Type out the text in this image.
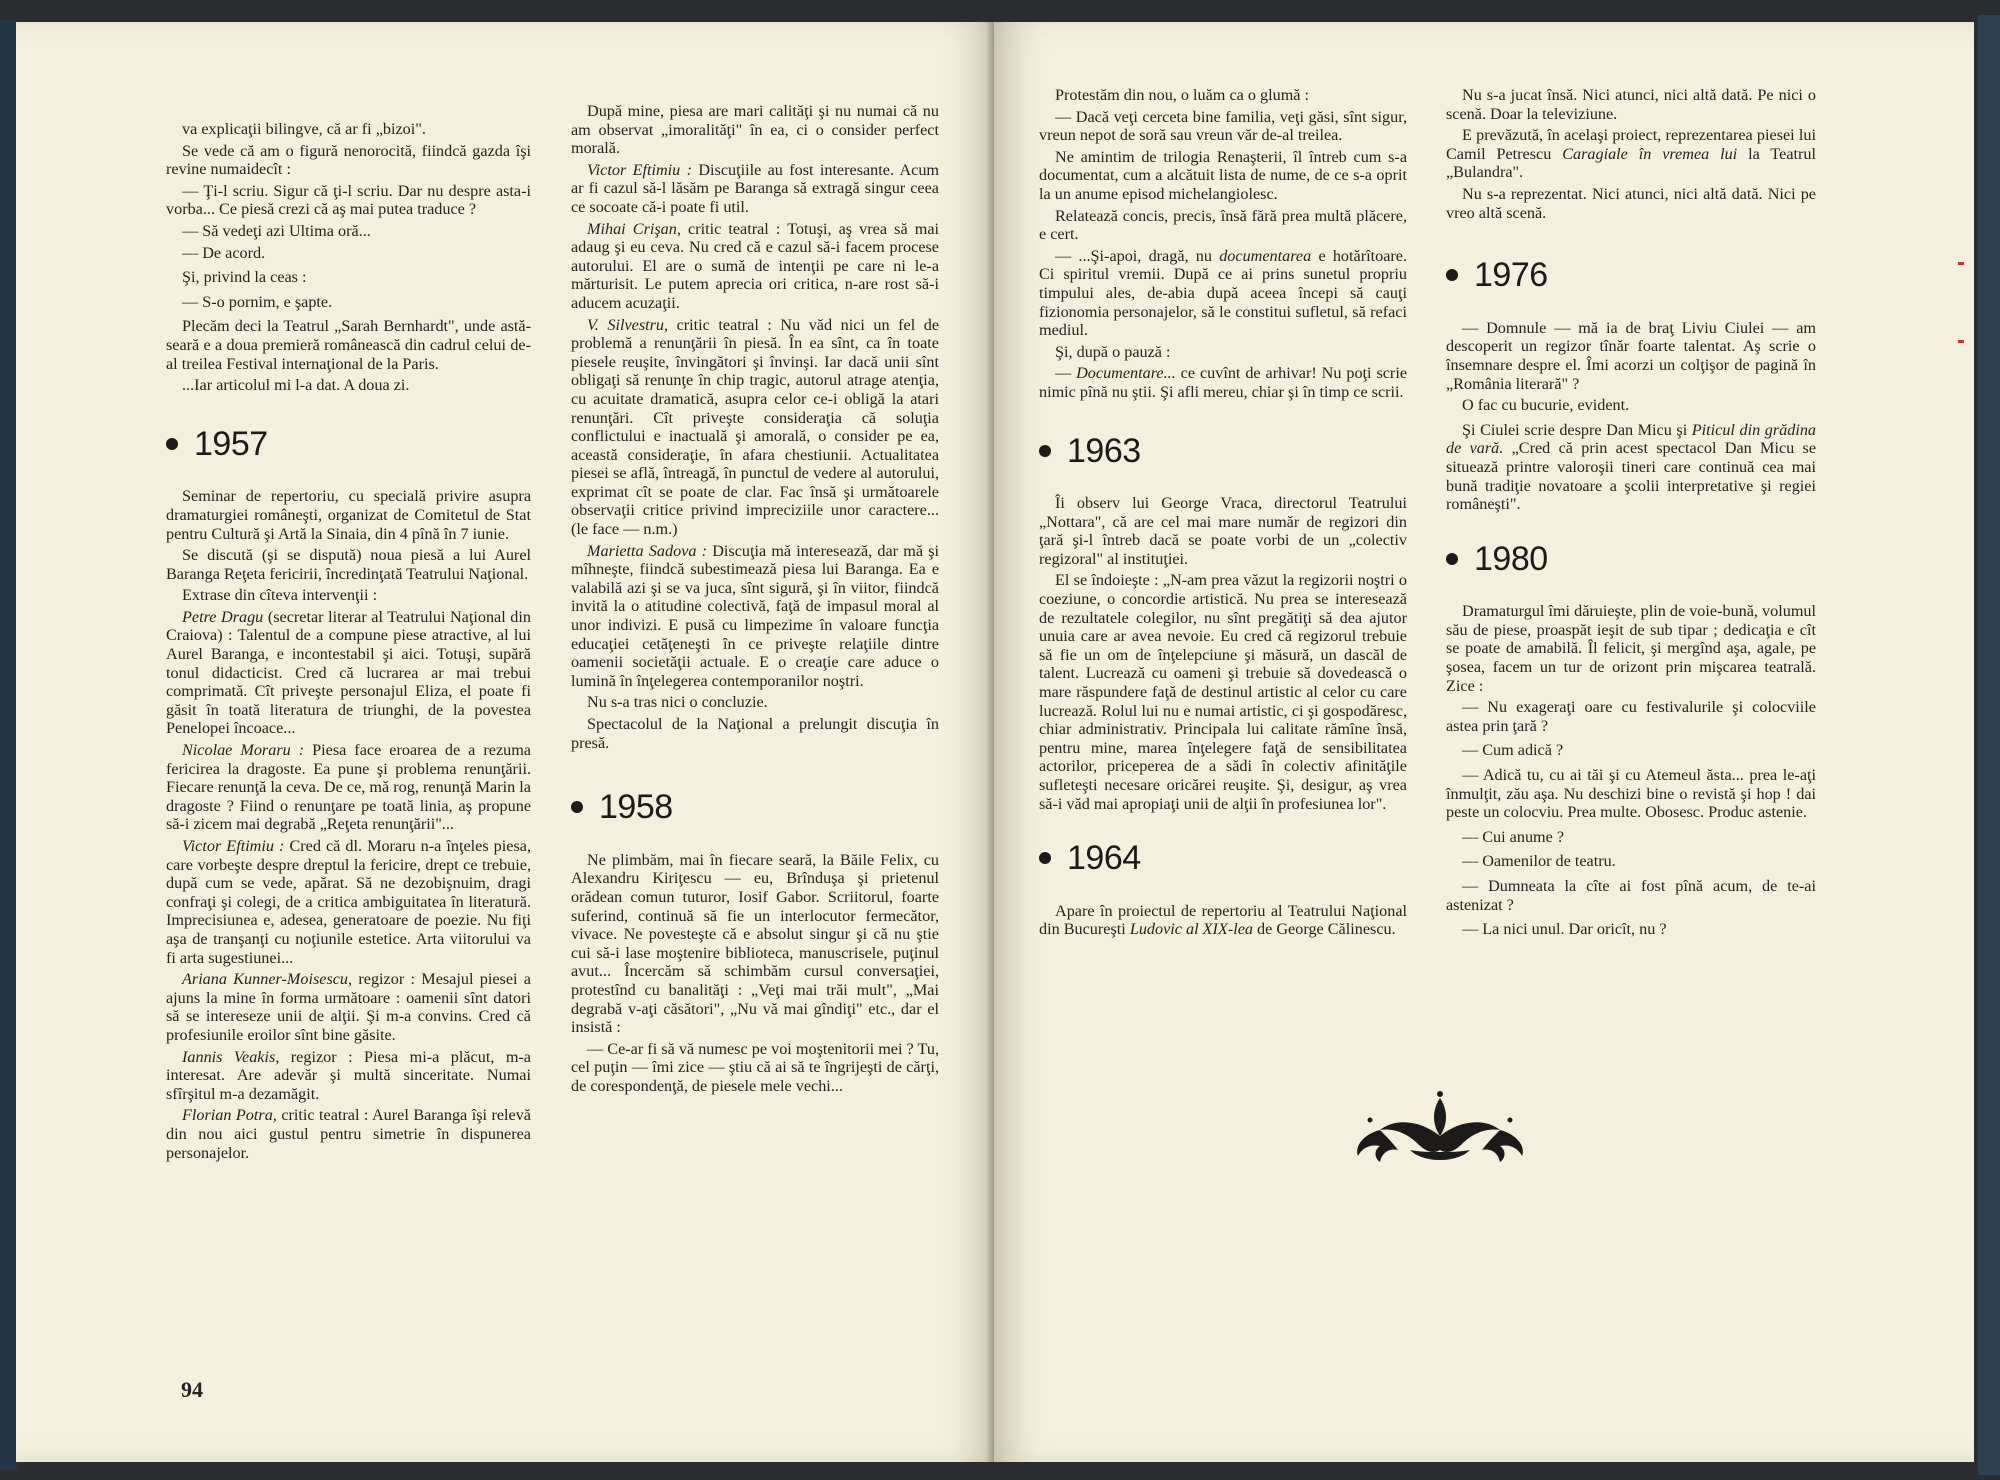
va explicaţii bilingve, că ar fi „bizoi".

Se vede că am o figură nenorocită, fiindcă gazda îşi revine numaidecît :

— Ţi-l scriu. Sigur că ţi-l scriu. Dar nu despre asta-i vorba... Ce piesă crezi că aş mai putea traduce ?

— Să vedeţi azi Ultima oră...

— De acord.

Şi, privind la ceas :

— S-o pornim, e şapte.

Plecăm deci la Teatrul „Sarah Bernhardt", unde astă-seară e a doua premieră românească din cadrul celui de-al treilea Festival internaţional de la Paris.

...Iar articolul mi l-a dat. A doua zi.

1957

Seminar de repertoriu, cu specială privire asupra dramaturgiei româneşti, organizat de Comitetul de Stat pentru Cultură şi Artă la Sinaia, din 4 pînă în 7 iunie.

Se discută (şi se dispută) noua piesă a lui Aurel Baranga Reţeta fericirii, încredinţată Teatrului Naţional.

Extrase din cîteva intervenţii :

Petre Dragu (secretar literar al Teatrului Naţional din Craiova) : Talentul de a compune piese atractive, al lui Aurel Baranga, e incontestabil şi aici. Totuşi, supără tonul didacticist. Cred că lucrarea ar mai trebui comprimată. Cît priveşte personajul Eliza, el poate fi găsit în toată literatura de triunghi, de la povestea Penelopei încoace...

Nicolae Moraru : Piesa face eroarea de a rezuma fericirea la dragoste. Ea pune şi problema renunţării. Fiecare renunţă la ceva. De ce, mă rog, renunţă Marin la dragoste ? Fiind o renunţare pe toată linia, aş propune să-i zicem mai degrabă „Reţeta renunţării"...

Victor Eftimiu : Cred că dl. Moraru n-a înţeles piesa, care vorbeşte despre dreptul la fericire, drept ce trebuie, după cum se vede, apărat. Să ne dezobişnuim, dragi confraţi şi colegi, de a critica ambiguitatea în literatură. Imprecisiunea e, adesea, generatoare de poezie. Nu fiţi aşa de tranşanţi cu noţiunile estetice. Arta viitorului va fi arta sugestiunei...

Ariana Kunner-Moisescu, regizor : Mesajul piesei a ajuns la mine în forma următoare : oamenii sînt datori să se intereseze unii de alţii. Şi m-a convins. Cred că profesiunile eroilor sînt bine găsite.

Iannis Veakis, regizor : Piesa mi-a plăcut, m-a interesat. Are adevăr şi multă sinceritate. Numai sfîrşitul m-a dezamăgit.

Florian Potra, critic teatral : Aurel Baranga îşi relevă din nou aici gustul pentru simetrie în dispunerea personajelor.

După mine, piesa are mari calităţi şi nu numai că nu am observat „imoralităţi" în ea, ci o consider perfect morală.

Victor Eftimiu : Discuţiile au fost interesante. Acum ar fi cazul să-l lăsăm pe Baranga să extragă singur ceea ce socoate că-i poate fi util.

Mihai Crişan, critic teatral : Totuşi, aş vrea să mai adaug şi eu ceva. Nu cred că e cazul să-i facem procese autorului. El are o sumă de intenţii pe care ni le-a mărturisit. Le putem aprecia ori critica, n-are rost să-i aducem acuzaţii.

V. Silvestru, critic teatral : Nu văd nici un fel de problemă a renunţării în piesă. În ea sînt, ca în toate piesele reuşite, învingători şi învinşi. Iar dacă unii sînt obligaţi să renunţe în chip tragic, autorul atrage atenţia, cu acuitate dramatică, asupra celor ce-i obligă la atari renunţări. Cît priveşte consideraţia că soluţia conflictului e inactuală şi amorală, o consider pe ea, această consideraţie, în afara chestiunii. Actualitatea piesei se află, întreagă, în punctul de vedere al autorului, exprimat cît se poate de clar. Fac însă şi următoarele observaţii critice privind impreciziile unor caractere... (le face — n.m.)

Marietta Sadova : Discuţia mă interesează, dar mă şi mîhneşte, fiindcă subestimează piesa lui Baranga. Ea e valabilă azi şi se va juca, sînt sigură, şi în viitor, fiindcă invită la o atitudine colectivă, faţă de impasul moral al unor indivizi. E pusă cu limpezime în valoare funcţia educaţiei cetăţeneşti în ce priveşte relaţiile dintre oamenii societăţii actuale. E o creaţie care aduce o lumină în înţelegerea contemporanilor noştri.

Nu s-a tras nici o concluzie.

Spectacolul de la Naţional a prelungit discuţia în presă.

1958

Ne plimbăm, mai în fiecare seară, la Băile Felix, cu Alexandru Kiriţescu — eu, Brînduşa şi prietenul orădean comun tuturor, Iosif Gabor. Scriitorul, foarte suferind, continuă să fie un interlocutor fermecător, vivace. Ne povesteşte că e absolut singur şi că nu ştie cui să-i lase moştenire biblioteca, manuscrisele, puţinul avut... Încercăm să schimbăm cursul conversaţiei, protestînd cu banalităţi : „Veţi mai trăi mult", „Mai degrabă v-aţi căsători", „Nu vă mai gîndiţi" etc., dar el insistă :

— Ce-ar fi să vă numesc pe voi moştenitorii mei ? Tu, cel puţin — îmi zice — ştiu că ai să te îngrijeşti de cărţi, de corespondenţă, de piesele mele vechi...

94

Protestăm din nou, o luăm ca o glumă :

— Dacă veţi cerceta bine familia, veţi găsi, sînt sigur, vreun nepot de soră sau vreun văr de-al treilea.

Ne amintim de trilogia Renaşterii, îl întreb cum s-a documentat, cum a alcătuit lista de nume, de ce s-a oprit la un anume episod michelangiolesc.

Relatează concis, precis, însă fără prea multă plăcere, e cert.

— ...Şi-apoi, dragă, nu documentarea e hotărîtoare. Ci spiritul vremii. După ce ai prins sunetul propriu timpului ales, de-abia după aceea începi să cauţi fizionomia personajelor, să le constitui sufletul, să refaci mediul.

Şi, după o pauză :

— Documentare... ce cuvînt de arhivar! Nu poţi scrie nimic pînă nu ştii. Şi afli mereu, chiar şi în timp ce scrii.

1963

Îi observ lui George Vraca, directorul Teatrului „Nottara", că are cel mai mare număr de regizori din ţară şi-l întreb dacă se poate vorbi de un „colectiv regizoral" al instituţiei.

El se îndoieşte : „N-am prea văzut la regizorii noştri o coeziune, o concordie artistică. Nu prea se interesează de rezultatele colegilor, nu sînt pregătiţi să dea ajutor unuia care ar avea nevoie. Eu cred că regizorul trebuie să fie un om de înţelepciune şi măsură, un dascăl de talent. Lucrează cu oameni şi trebuie să dovedească o mare răspundere faţă de destinul artistic al celor cu care lucrează. Rolul lui nu e numai artistic, ci şi gospodăresc, chiar administrativ. Principala lui calitate rămîne însă, pentru mine, marea înţelegere faţă de sensibilitatea actorilor, priceperea de a sădi în colectiv afinităţile sufleteşti necesare oricărei reuşite. Şi, desigur, aş vrea să-i văd mai apropiaţi unii de alţii în profesiunea lor".

1964

Apare în proiectul de repertoriu al Teatrului Naţional din Bucureşti Ludovic al XIX-lea de George Călinescu.

Nu s-a jucat însă. Nici atunci, nici altă dată. Pe nici o scenă. Doar la televiziune.

E prevăzută, în acelaşi proiect, reprezentarea piesei lui Camil Petrescu Caragiale în vremea lui la Teatrul „Bulandra".

Nu s-a reprezentat. Nici atunci, nici altă dată. Nici pe vreo altă scenă.

1976

— Domnule — mă ia de braţ Liviu Ciulei — am descoperit un regizor tînăr foarte talentat. Aş scrie o însemnare despre el. Îmi acorzi un colţişor de pagină în „România literară" ?

O fac cu bucurie, evident.

Şi Ciulei scrie despre Dan Micu şi Piticul din grădina de vară. „Cred că prin acest spectacol Dan Micu se situează printre valoroşii tineri care continuă cea mai bună tradiţie novatoare a şcolii interpretative şi regiei româneşti".

1980

Dramaturgul îmi dăruieşte, plin de voie-bună, volumul său de piese, proaspăt ieşit de sub tipar ; dedicaţia e cît se poate de amabilă. Îl felicit, şi mergînd aşa, agale, pe şosea, facem un tur de orizont prin mişcarea teatrală. Zice :

— Nu exageraţi oare cu festivalurile şi colocviile astea prin ţară ?

— Cum adică ?

— Adică tu, cu ai tăi şi cu Atemeul ăsta... prea le-aţi înmulţit, zău aşa. Nu deschizi bine o revistă şi hop ! dai peste un colocviu. Prea multe. Obosesc. Produc astenie.

— Cui anume ?

— Oamenilor de teatru.

— Dumneata la cîte ai fost pînă acum, de te-ai astenizat ?

— La nici unul. Dar oricît, nu ?
